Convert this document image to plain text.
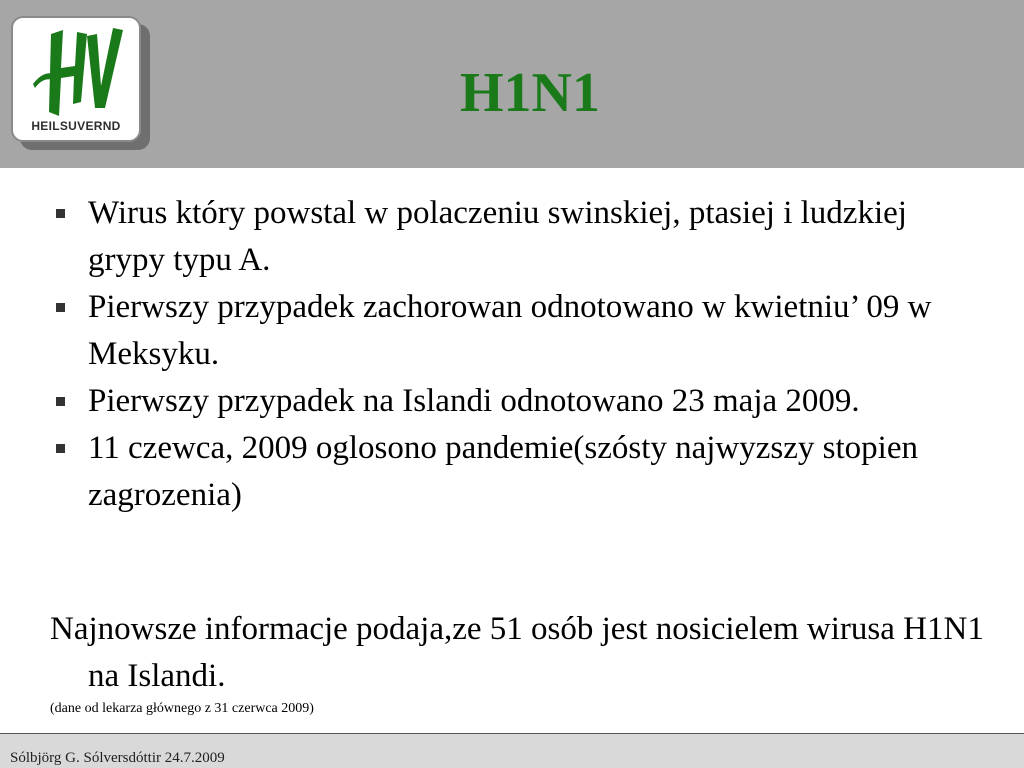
HEILSUVERND
H1N1
Wirus który powstal w polaczeniu swinskiej, ptasiej i ludzkiej grypy typu A.
Pierwszy przypadek zachorowan odnotowano w kwietniu’ 09 w Meksyku.
Pierwszy przypadek na Islandi odnotowano 23 maja 2009.
11 czewca, 2009 oglosono pandemie(szósty najwyzszy stopien zagrozenia)
Najnowsze informacje podaja,ze 51 osób jest nosicielem wirusa H1N1 na Islandi.
(dane od lekarza głównego z 31 czerwca 2009)
Sólbjörg G. Sólversdóttir 24.7.2009
